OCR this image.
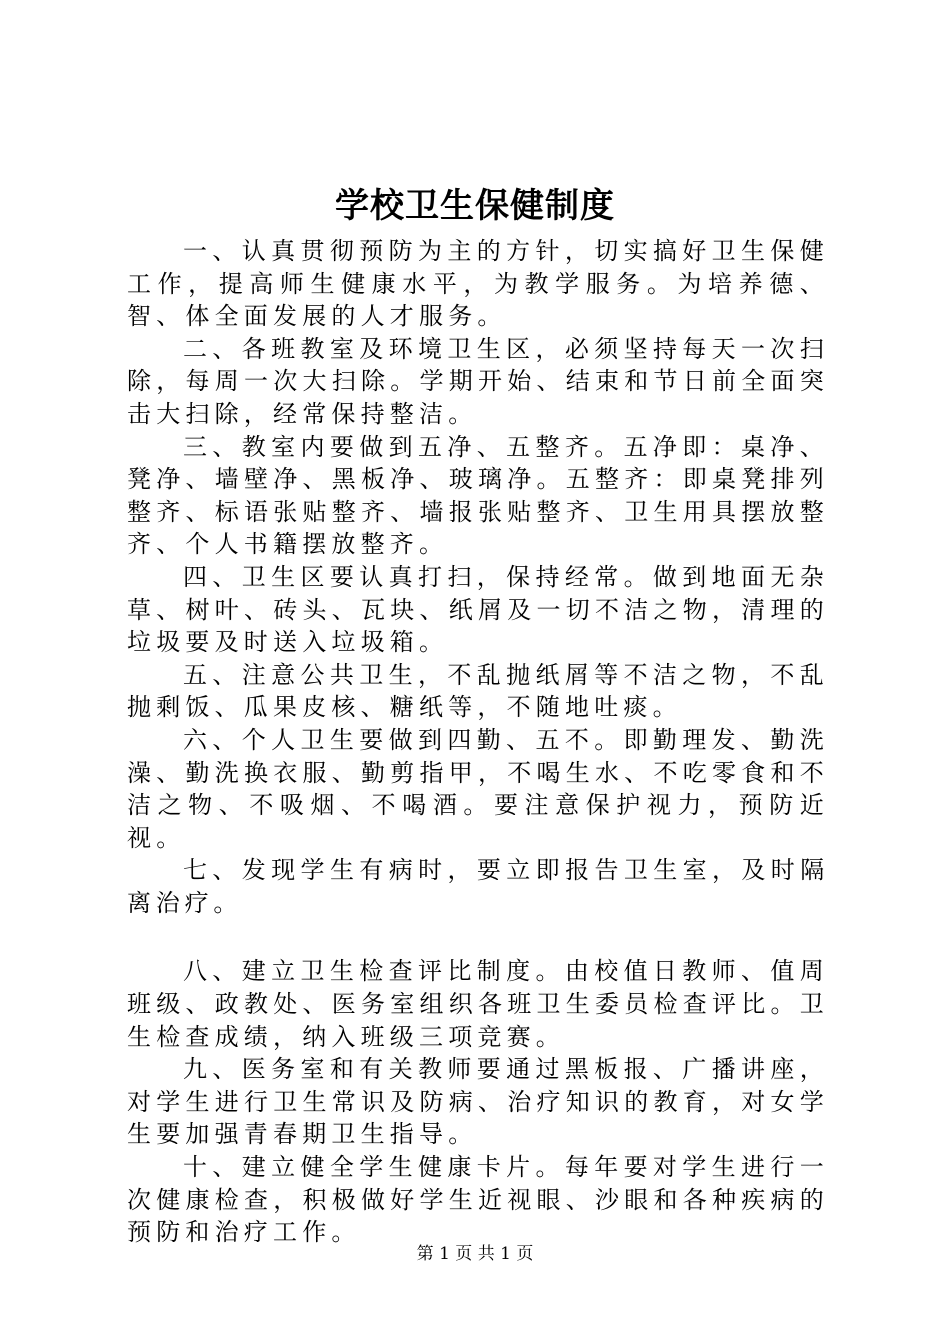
学校卫生保健制度

一、认真贯彻预防为主的方针，切实搞好卫生保健工作，提高师生健康水平，为教学服务。为培养德、智、体全面发展的人才服务。

二、各班教室及环境卫生区，必须坚持每天一次扫除，每周一次大扫除。学期开始、结束和节日前全面突击大扫除，经常保持整洁。

三、教室内要做到五净、五整齐。五净即：桌净、凳净、墙壁净、黑板净、玻璃净。五整齐：即桌凳排列整齐、标语张贴整齐、墙报张贴整齐、卫生用具摆放整齐、个人书籍摆放整齐。

四、卫生区要认真打扫，保持经常。做到地面无杂草、树叶、砖头、瓦块、纸屑及一切不洁之物，清理的垃圾要及时送入垃圾箱。

五、注意公共卫生，不乱抛纸屑等不洁之物，不乱抛剩饭、瓜果皮核、糖纸等，不随地吐痰。

六、个人卫生要做到四勤、五不。即勤理发、勤洗澡、勤洗换衣服、勤剪指甲，不喝生水、不吃零食和不洁之物、不吸烟、不喝酒。要注意保护视力，预防近视。

七、发现学生有病时，要立即报告卫生室，及时隔离治疗。

八、建立卫生检查评比制度。由校值日教师、值周班级、政教处、医务室组织各班卫生委员检查评比。卫生检查成绩，纳入班级三项竞赛。

九、医务室和有关教师要通过黑板报、广播讲座，对学生进行卫生常识及防病、治疗知识的教育，对女学生要加强青春期卫生指导。

十、建立健全学生健康卡片。每年要对学生进行一次健康检查，积极做好学生近视眼、沙眼和各种疾病的预防和治疗工作。

第 1 页 共 1 页
